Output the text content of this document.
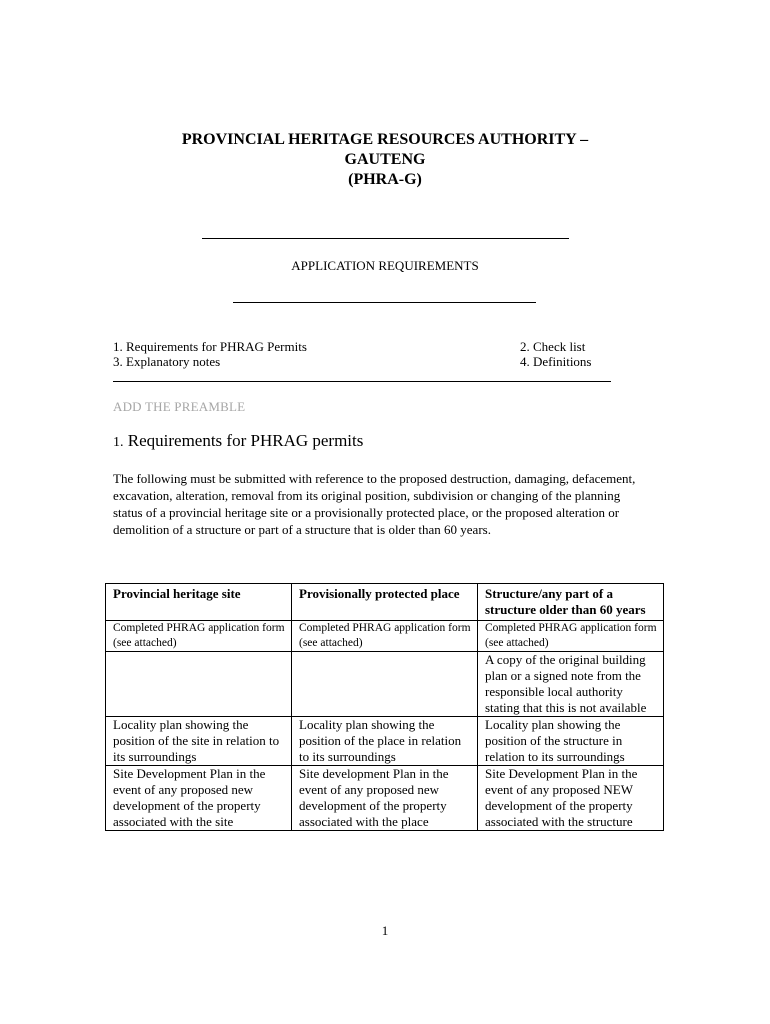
PROVINCIAL HERITAGE RESOURCES AUTHORITY –
GAUTENG
(PHRA-G)
APPLICATION REQUIREMENTS
1. Requirements for PHRAG Permits	2. Check list
3. Explanatory notes	4. Definitions
ADD THE PREAMBLE
1. Requirements for PHRAG permits
The following must be submitted with reference to the proposed destruction, damaging, defacement, excavation, alteration, removal from its original position, subdivision or changing of the planning status of a provincial heritage site or a provisionally protected place, or the proposed alteration or demolition of a structure or part of a structure that is older than 60 years.
Provincial heritage site	Provisionally protected place	Structure/any part of a structure older than 60 years
Completed PHRAG application form (see attached)	Completed PHRAG application form (see attached)	Completed PHRAG application form (see attached)
		A copy of the original building plan or a signed note from the responsible local authority stating that this is not available
Locality plan showing the position of the site in relation to its surroundings	Locality plan showing the position of the place in relation to its surroundings	Locality plan showing the position of the structure in relation to its surroundings
Site Development Plan in the event of any proposed new development of the property associated with the site	Site development Plan in the event of any proposed new development of the property associated with the place	Site Development Plan in the event of any proposed NEW development of the property associated with the structure
1
